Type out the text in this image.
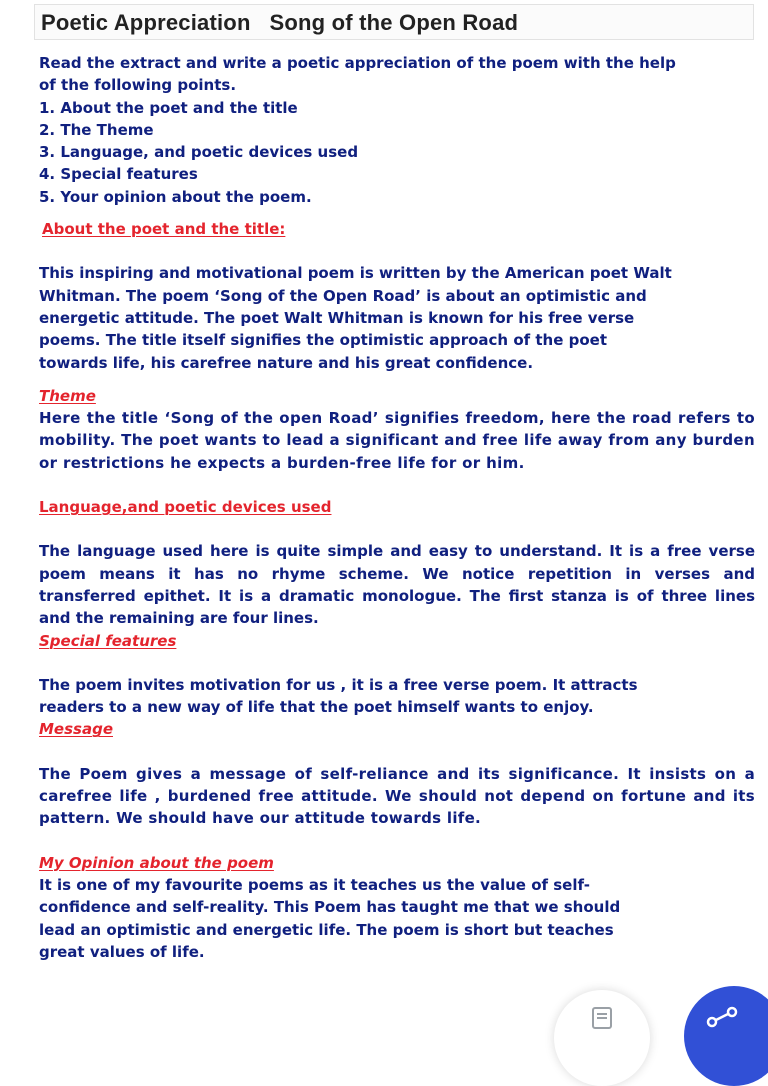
Poetic Appreciation   Song of the Open Road

Read the extract and write a poetic appreciation of the poem with the help

of the following points.

1. About the poet and the title

2. The Theme

3. Language, and poetic devices used

4. Special features

5. Your opinion about the poem.

About the poet and the title:

This inspiring and motivational poem is written by the American poet Walt

Whitman. The poem ‘Song of the Open Road’ is about an optimistic and

energetic attitude. The poet Walt Whitman is known for his free verse

poems. The title itself signifies the optimistic approach of the poet

towards life, his carefree nature and his great confidence.

Theme

Here the title ‘Song of the open Road’ signifies freedom, here the road refers to mobility. The poet wants to lead a significant and free life away from any burden or restrictions he expects a burden-free life for or him.

Language,and poetic devices used

The language used here is quite simple and easy to understand. It is a free verse poem means it has no rhyme scheme. We notice repetition in verses and transferred epithet. It is a dramatic monologue. The first stanza is of three lines and the remaining are four lines.

Special features

The poem invites motivation for us , it is a free verse poem. It attracts

readers to a new way of life that the poet himself wants to enjoy.

Message

The Poem gives a message of self-reliance and its significance. It insists on a carefree life , burdened free attitude. We should not depend on fortune and its pattern. We should have our attitude towards life.

My Opinion about the poem

It is one of my favourite poems as it teaches us the value of self-

confidence and self-reality. This Poem has taught me that we should

lead an optimistic and energetic life. The poem is short but teaches

great values of life.
